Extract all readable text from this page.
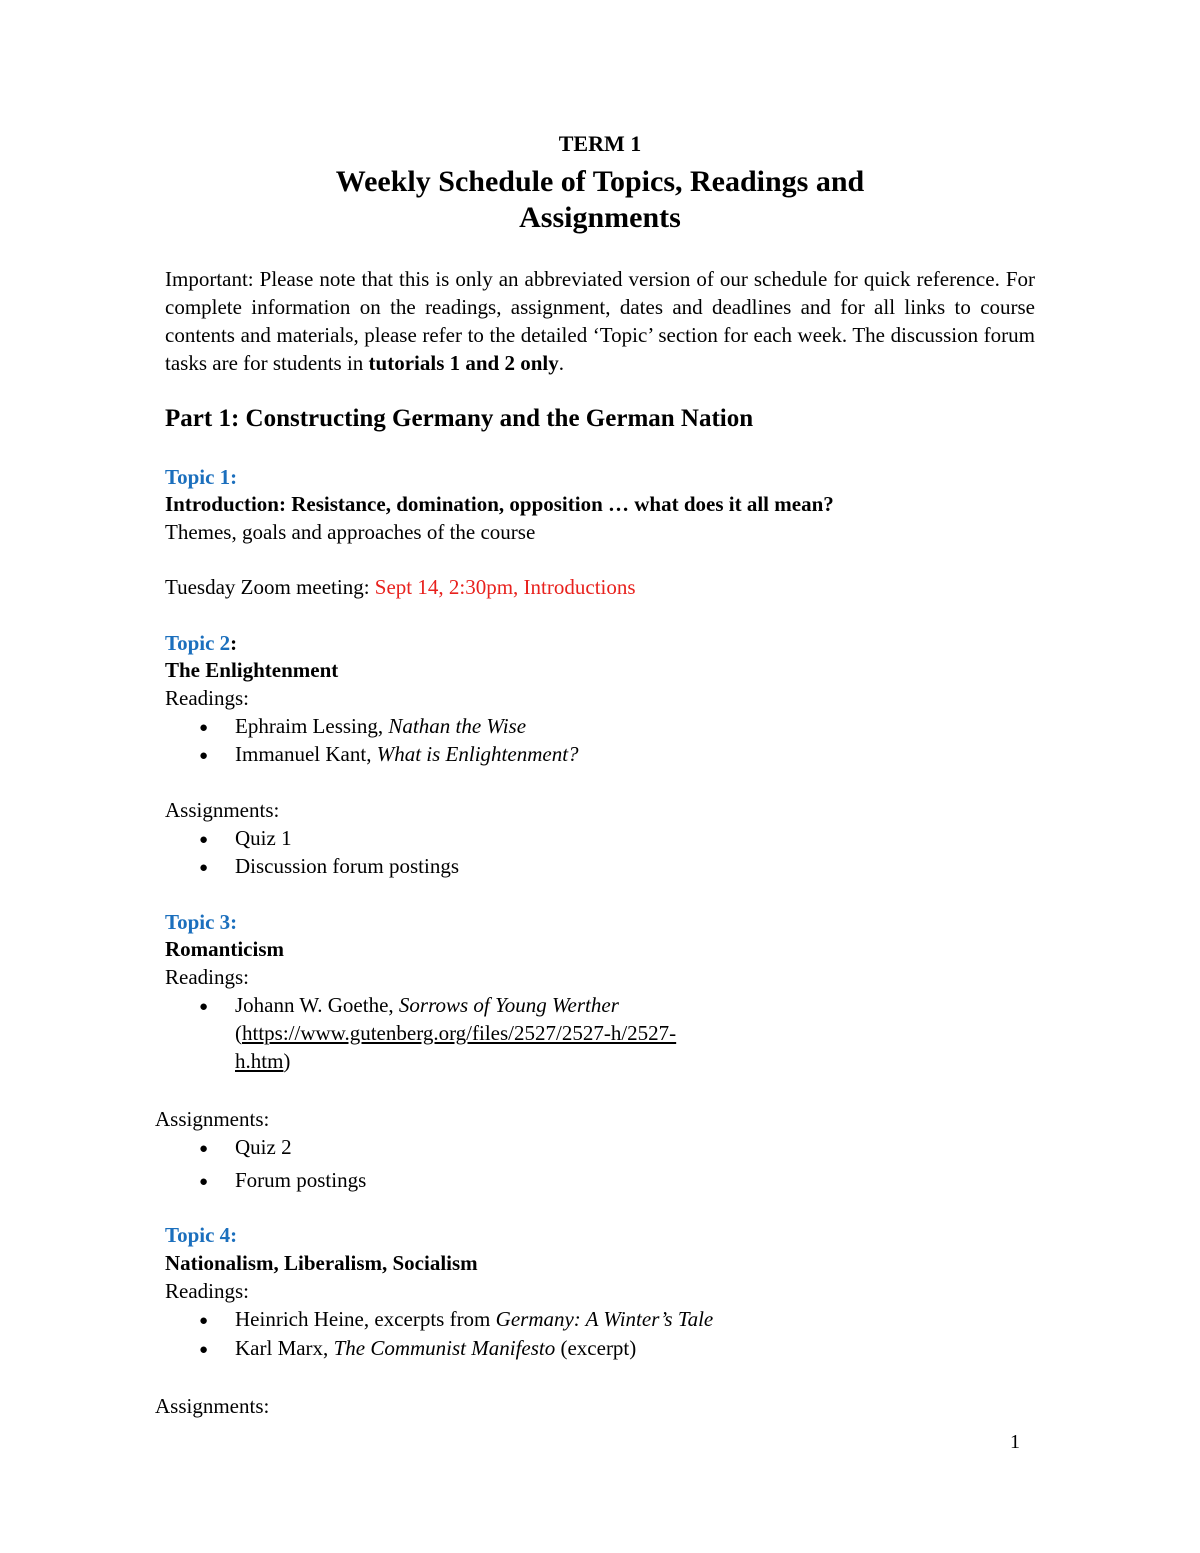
TERM 1
Weekly Schedule of Topics, Readings and
Assignments
Important: Please note that this is only an abbreviated version of our schedule for quick reference. For complete information on the readings, assignment, dates and deadlines and for all links to course contents and materials, please refer to the detailed ‘Topic’ section for each week. The discussion forum tasks are for students in tutorials 1 and 2 only.
Part 1: Constructing Germany and the German Nation
Topic 1:
Introduction: Resistance, domination, opposition … what does it all mean?
Themes, goals and approaches of the course
Tuesday Zoom meeting: Sept 14, 2:30pm, Introductions
Topic 2:
The Enlightenment
Readings:
● Ephraim Lessing, Nathan the Wise
● Immanuel Kant, What is Enlightenment?
Assignments:
● Quiz 1
● Discussion forum postings
Topic 3:
Romanticism
Readings:
● Johann W. Goethe, Sorrows of Young Werther
(https://www.gutenberg.org/files/2527/2527-h/2527-
h.htm)
Assignments:
● Quiz 2
● Forum postings
Topic 4:
Nationalism, Liberalism, Socialism
Readings:
● Heinrich Heine, excerpts from Germany: A Winter’s Tale
● Karl Marx, The Communist Manifesto (excerpt)
Assignments:
1
